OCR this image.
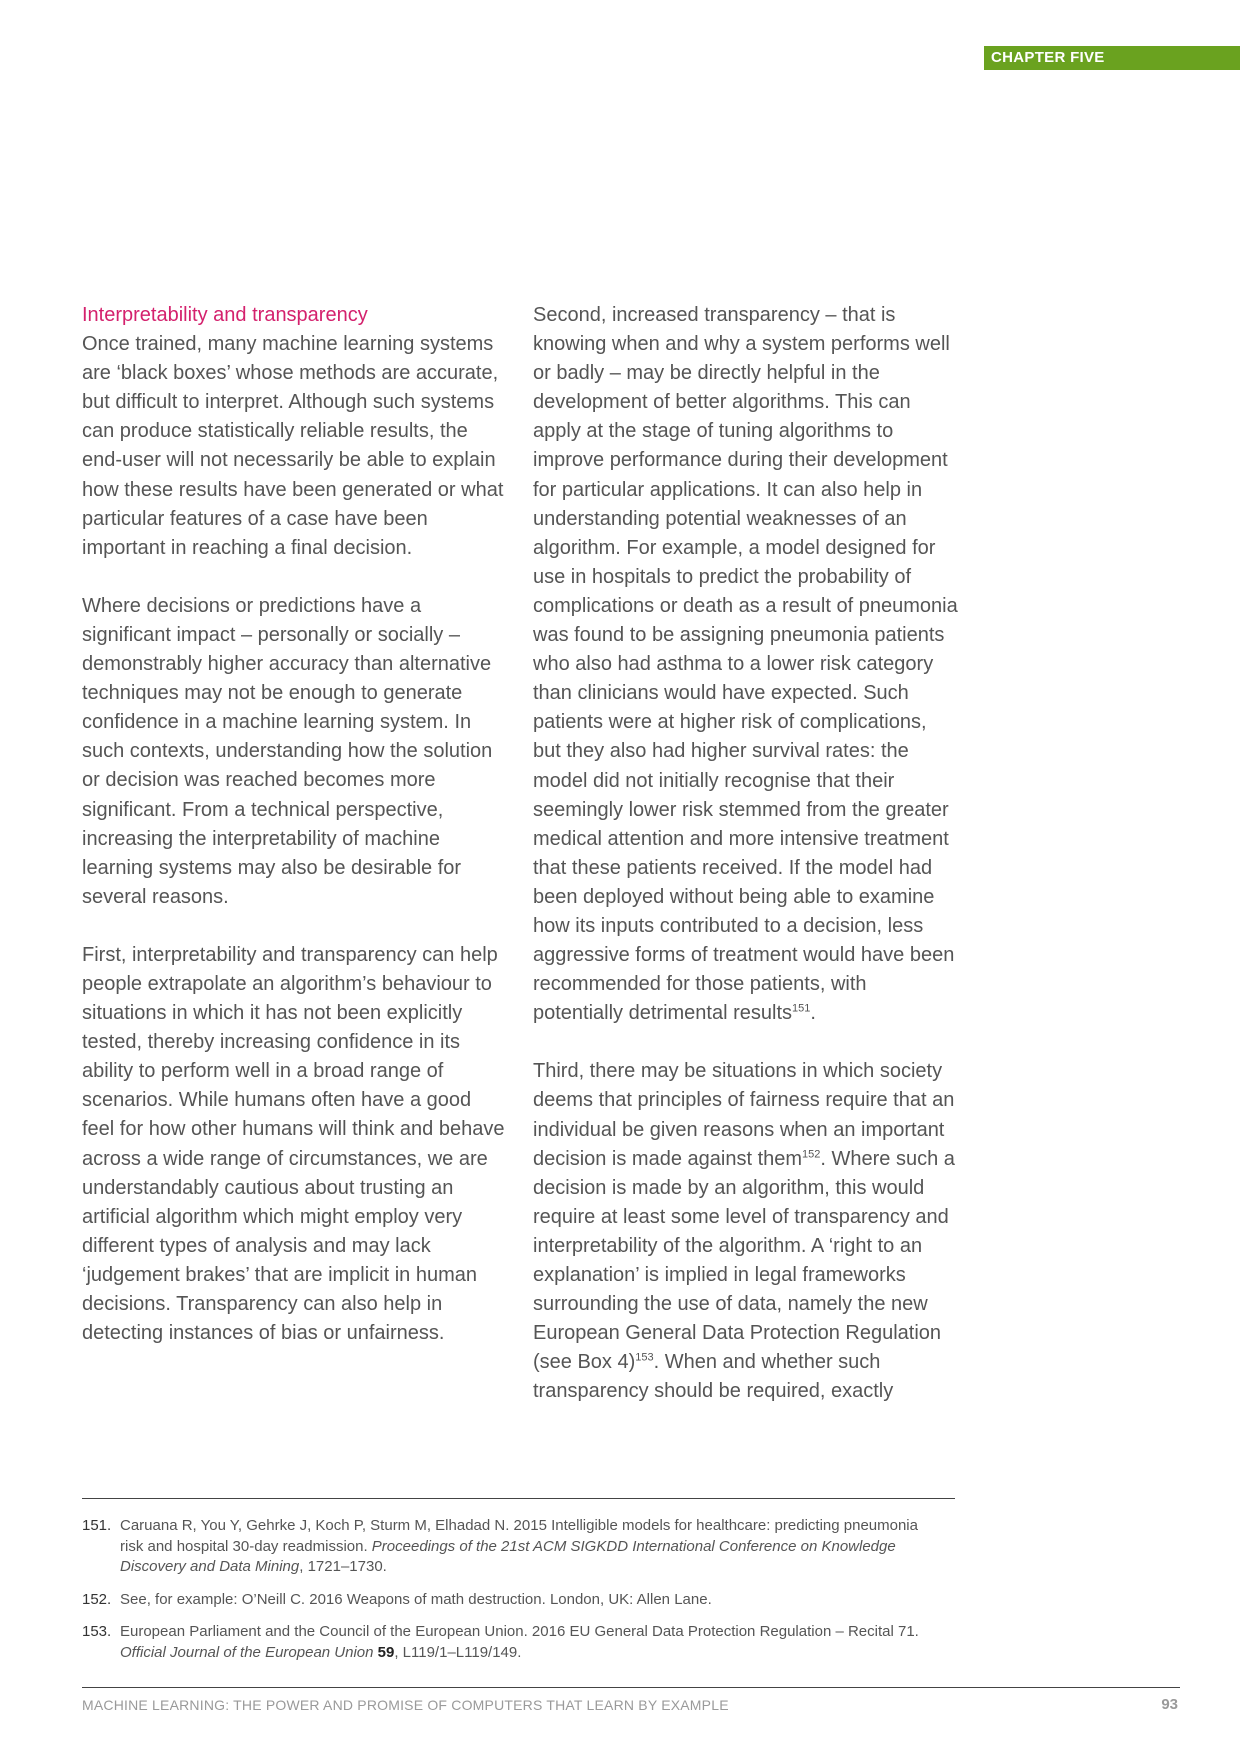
CHAPTER FIVE
Interpretability and transparency

Once trained, many machine learning systems are ‘black boxes’ whose methods are accurate, but difficult to interpret. Although such systems can produce statistically reliable results, the end-user will not necessarily be able to explain how these results have been generated or what particular features of a case have been important in reaching a final decision.

Where decisions or predictions have a significant impact – personally or socially – demonstrably higher accuracy than alternative techniques may not be enough to generate confidence in a machine learning system. In such contexts, understanding how the solution or decision was reached becomes more significant. From a technical perspective, increasing the interpretability of machine learning systems may also be desirable for several reasons.

First, interpretability and transparency can help people extrapolate an algorithm’s behaviour to situations in which it has not been explicitly tested, thereby increasing confidence in its ability to perform well in a broad range of scenarios. While humans often have a good feel for how other humans will think and behave across a wide range of circumstances, we are understandably cautious about trusting an artificial algorithm which might employ very different types of analysis and may lack ‘judgement brakes’ that are implicit in human decisions. Transparency can also help in detecting instances of bias or unfairness.

Second, increased transparency – that is knowing when and why a system performs well or badly – may be directly helpful in the development of better algorithms. This can apply at the stage of tuning algorithms to improve performance during their development for particular applications. It can also help in understanding potential weaknesses of an algorithm. For example, a model designed for use in hospitals to predict the probability of complications or death as a result of pneumonia was found to be assigning pneumonia patients who also had asthma to a lower risk category than clinicians would have expected. Such patients were at higher risk of complications, but they also had higher survival rates: the model did not initially recognise that their seemingly lower risk stemmed from the greater medical attention and more intensive treatment that these patients received. If the model had been deployed without being able to examine how its inputs contributed to a decision, less aggressive forms of treatment would have been recommended for those patients, with potentially detrimental results$^{151}$.

Third, there may be situations in which society deems that principles of fairness require that an individual be given reasons when an important decision is made against them$^{152}$. Where such a decision is made by an algorithm, this would require at least some level of transparency and interpretability of the algorithm. A ‘right to an explanation’ is implied in legal frameworks surrounding the use of data, namely the new European General Data Protection Regulation (see Box 4)$^{153}$. When and whether such transparency should be required, exactly

151. Caruana R, You Y, Gehrke J, Koch P, Sturm M, Elhadad N. 2015 Intelligible models for healthcare: predicting pneumonia risk and hospital 30-day readmission. Proceedings of the 21st ACM SIGKDD International Conference on Knowledge Discovery and Data Mining, 1721–1730.
152. See, for example: O’Neill C. 2016 Weapons of math destruction. London, UK: Allen Lane.
153. European Parliament and the Council of the European Union. 2016 EU General Data Protection Regulation – Recital 71. Official Journal of the European Union 59, L119/1–L119/149.
MACHINE LEARNING: THE POWER AND PROMISE OF COMPUTERS THAT LEARN BY EXAMPLE	93
